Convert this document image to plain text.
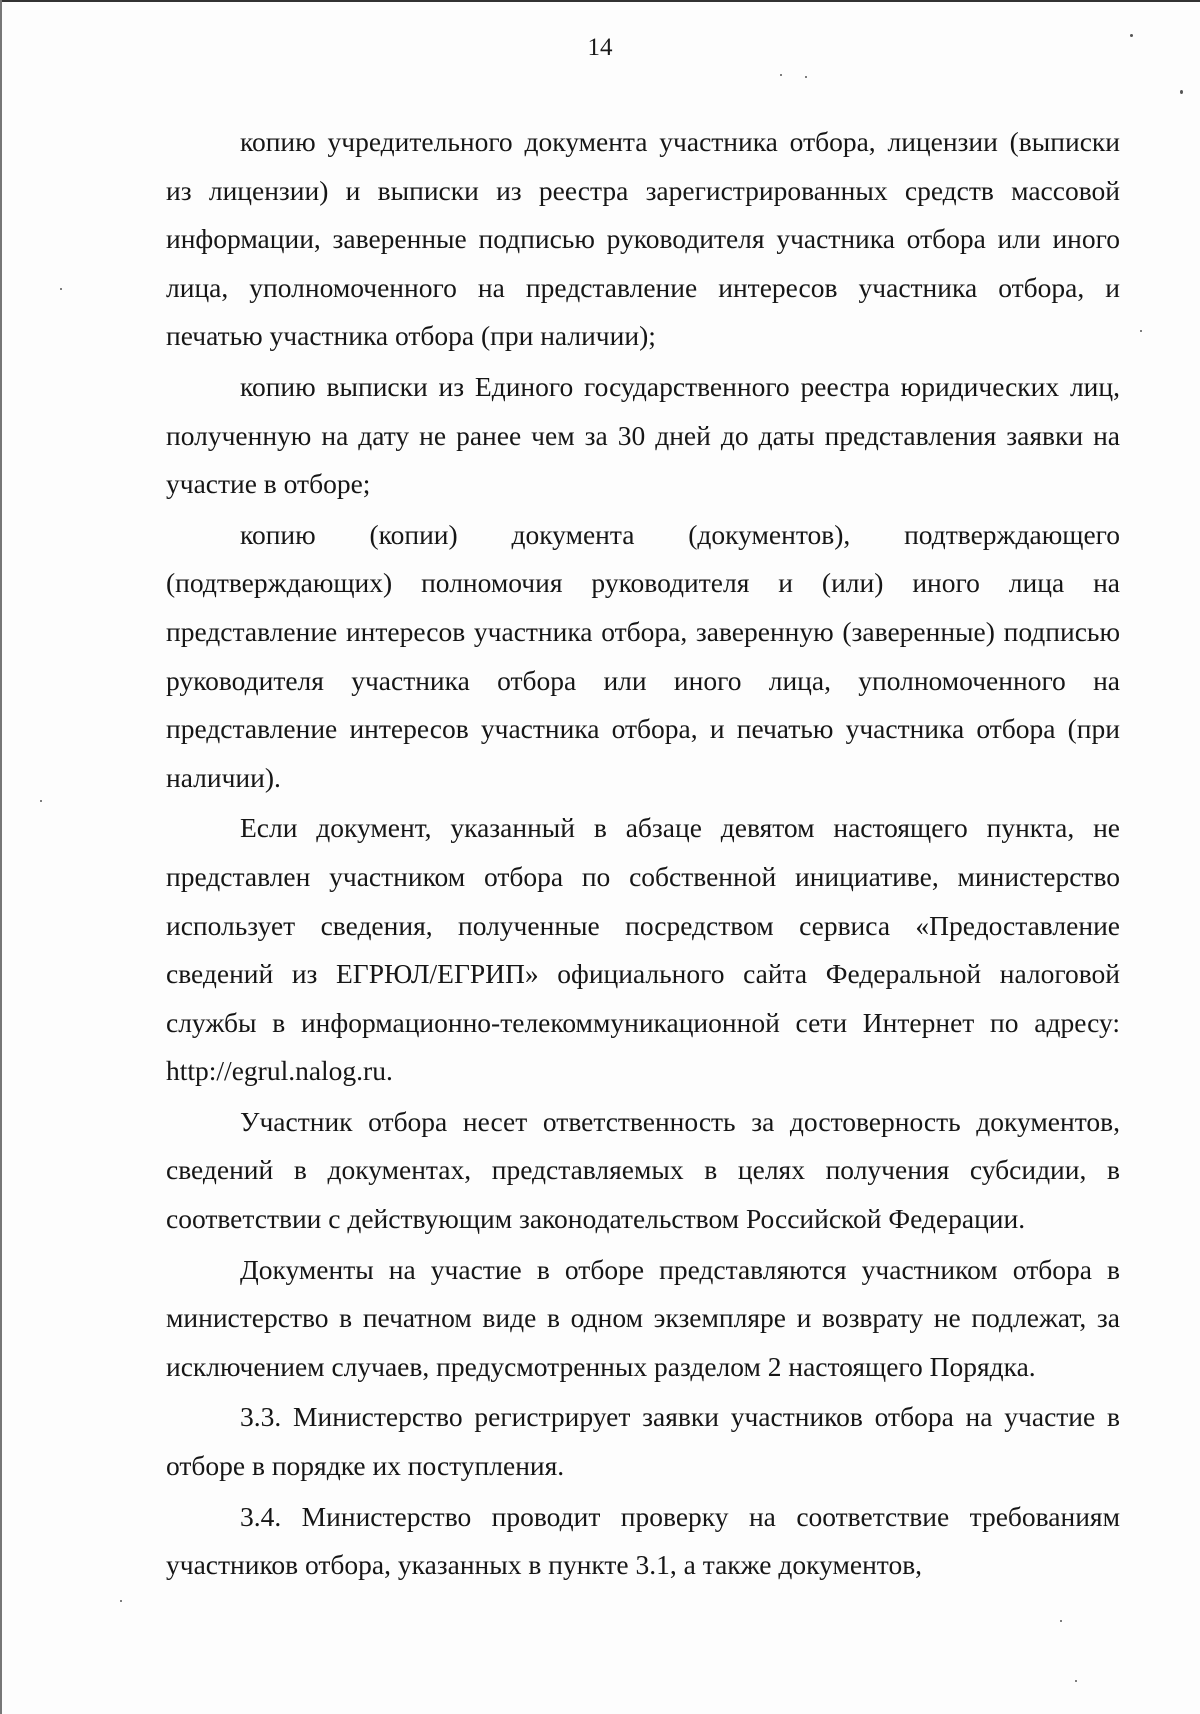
14

копию учредительного документа участника отбора, лицензии (выписки из лицензии) и выписки из реестра зарегистрированных средств массовой информации, заверенные подписью руководителя участника отбора или иного лица, уполномоченного на представление интересов участника отбора, и печатью участника отбора (при наличии);

копию выписки из Единого государственного реестра юридических лиц, полученную на дату не ранее чем за 30 дней до даты представления заявки на участие в отборе;

копию (копии) документа (документов), подтверждающего (подтверждающих) полномочия руководителя и (или) иного лица на представление интересов участника отбора, заверенную (заверенные) подписью руководителя участника отбора или иного лица, уполномоченного на представление интересов участника отбора, и печатью участника отбора (при наличии).

Если документ, указанный в абзаце девятом настоящего пункта, не представлен участником отбора по собственной инициативе, министерство использует сведения, полученные посредством сервиса «Предоставление сведений из ЕГРЮЛ/ЕГРИП» официального сайта Федеральной налоговой службы в информационно-телекоммуникационной сети Интернет по адресу: http://egrul.nalog.ru.

Участник отбора несет ответственность за достоверность документов, сведений в документах, представляемых в целях получения субсидии, в соответствии с действующим законодательством Российской Федерации.

Документы на участие в отборе представляются участником отбора в министерство в печатном виде в одном экземпляре и возврату не подлежат, за исключением случаев, предусмотренных разделом 2 настоящего Порядка.

3.3. Министерство регистрирует заявки участников отбора на участие в отборе в порядке их поступления.

3.4. Министерство проводит проверку на соответствие требованиям участников отбора, указанных в пункте 3.1, а также документов,
